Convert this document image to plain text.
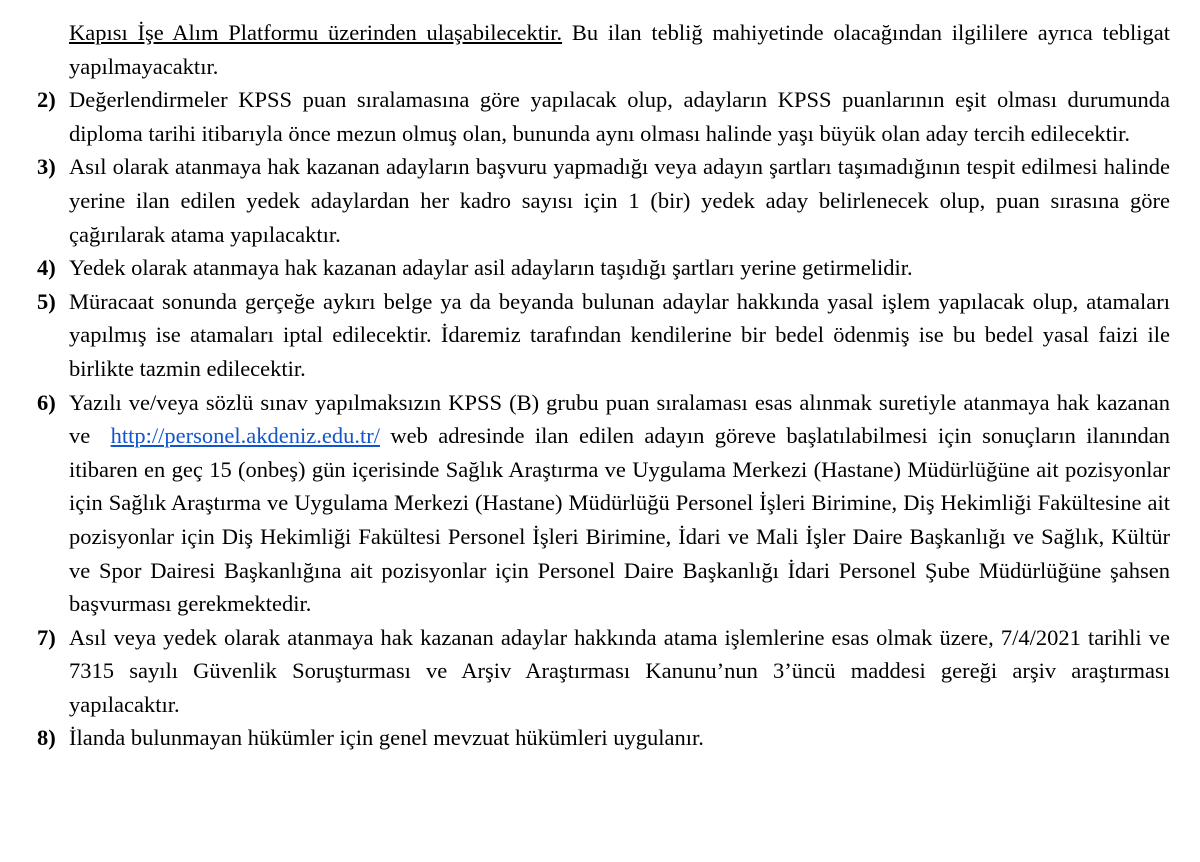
Kapısı İşe Alım Platformu üzerinden ulaşabilecektir. Bu ilan tebliğ mahiyetinde olacağından ilgililere ayrıca tebligat yapılmayacaktır.
2) Değerlendirmeler KPSS puan sıralamasına göre yapılacak olup, adayların KPSS puanlarının eşit olması durumunda diploma tarihi itibarıyla önce mezun olmuş olan, bununda aynı olması halinde yaşı büyük olan aday tercih edilecektir.
3) Asıl olarak atanmaya hak kazanan adayların başvuru yapmadığı veya adayın şartları taşımadığının tespit edilmesi halinde yerine ilan edilen yedek adaylardan her kadro sayısı için 1 (bir) yedek aday belirlenecek olup, puan sırasına göre çağırılarak atama yapılacaktır.
4) Yedek olarak atanmaya hak kazanan adaylar asil adayların taşıdığı şartları yerine getirmelidir.
5) Müracaat sonunda gerçeğe aykırı belge ya da beyanda bulunan adaylar hakkında yasal işlem yapılacak olup, atamaları yapılmış ise atamaları iptal edilecektir. İdaremiz tarafından kendilerine bir bedel ödenmiş ise bu bedel yasal faizi ile birlikte tazmin edilecektir.
6) Yazılı ve/veya sözlü sınav yapılmaksızın KPSS (B) grubu puan sıralaması esas alınmak suretiyle atanmaya hak kazanan ve http://personel.akdeniz.edu.tr/ web adresinde ilan edilen adayın göreve başlatılabilmesi için sonuçların ilanından itibaren en geç 15 (onbeş) gün içerisinde Sağlık Araştırma ve Uygulama Merkezi (Hastane) Müdürlüğüne ait pozisyonlar için Sağlık Araştırma ve Uygulama Merkezi (Hastane) Müdürlüğü Personel İşleri Birimine, Diş Hekimliği Fakültesine ait pozisyonlar için Diş Hekimliği Fakültesi Personel İşleri Birimine, İdari ve Mali İşler Daire Başkanlığı ve Sağlık, Kültür ve Spor Dairesi Başkanlığına ait pozisyonlar için Personel Daire Başkanlığı İdari Personel Şube Müdürlüğüne şahsen başvurması gerekmektedir.
7) Asıl veya yedek olarak atanmaya hak kazanan adaylar hakkında atama işlemlerine esas olmak üzere, 7/4/2021 tarihli ve 7315 sayılı Güvenlik Soruşturması ve Arşiv Araştırması Kanunu’nun 3’üncü maddesi gereği arşiv araştırması yapılacaktır.
8) İlanda bulunmayan hükümler için genel mevzuat hükümleri uygulanır.
